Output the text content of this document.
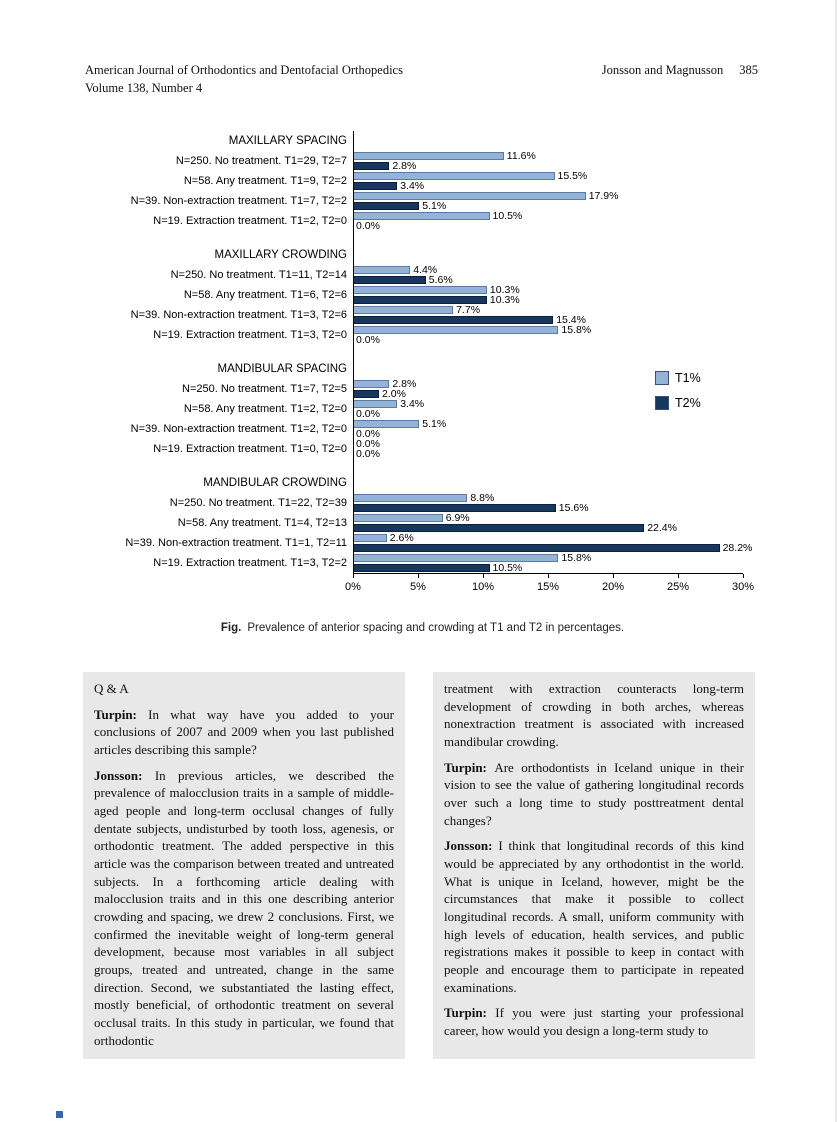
American Journal of Orthodontics and Dentofacial Orthopedics
Volume 138, Number 4
Jonsson and Magnusson 385
MAXILLARY SPACING
N=250. No treatment. T1=29, T2=7	11.6%
2.8%
N=58. Any treatment. T1=9, T2=2	15.5%
3.4%
N=39. Non-extraction treatment. T1=7, T2=2	17.9%
5.1%
N=19. Extraction treatment. T1=2, T2=0	10.5%
0.0%
MAXILLARY CROWDING
N=250. No treatment. T1=11, T2=14	4.4%
5.6%
N=58. Any treatment. T1=6, T2=6	10.3%
10.3%
N=39. Non-extraction treatment. T1=3, T2=6	7.7%
15.4%
N=19. Extraction treatment. T1=3, T2=0	15.8%
0.0%
MANDIBULAR SPACING
N=250. No treatment. T1=7, T2=5	2.8%
2.0%
N=58. Any treatment. T1=2, T2=0	3.4%
0.0%
N=39. Non-extraction treatment. T1=2, T2=0	5.1%
0.0%
N=19. Extraction treatment. T1=0, T2=0 0.0%
0.0%
MANDIBULAR CROWDING
N=250. No treatment. T1=22, T2=39	8.8%
15.6%
N=58. Any treatment. T1=4, T2=13	6.9%
22.4%
N=39. Non-extraction treatment. T1=1, T2=11	2.6%
28.2%
N=19. Extraction treatment. T1=3, T2=2	15.8%
10.5%
T1%
T2%
0%	5%	10%	15%	20%	25%	30%

Fig. Prevalence of anterior spacing and crowding at T1 and T2 in percentages.

Q & A

Turpin: In what way have you added to your conclusions of 2007 and 2009 when you last published articles describing this sample?

Jonsson: In previous articles, we described the prevalence of malocclusion traits in a sample of middle-aged people and long-term occlusal changes of fully dentate subjects, undisturbed by tooth loss, agenesis, or orthodontic treatment. The added perspective in this article was the comparison between treated and untreated subjects. In a forthcoming article dealing with malocclusion traits and in this one describing anterior crowding and spacing, we drew 2 conclusions. First, we confirmed the inevitable weight of long-term general development, because most variables in all subject groups, treated and untreated, change in the same direction. Second, we substantiated the lasting effect, mostly beneficial, of orthodontic treatment on several occlusal traits. In this study in particular, we found that orthodontic

treatment with extraction counteracts long-term development of crowding in both arches, whereas nonextraction treatment is associated with increased mandibular crowding.

Turpin: Are orthodontists in Iceland unique in their vision to see the value of gathering longitudinal records over such a long time to study posttreatment dental changes?

Jonsson: I think that longitudinal records of this kind would be appreciated by any orthodontist in the world. What is unique in Iceland, however, might be the circumstances that make it possible to collect longitudinal records. A small, uniform community with high levels of education, health services, and public registrations makes it possible to keep in contact with people and encourage them to participate in repeated examinations.

Turpin: If you were just starting your professional career, how would you design a long-term study to
